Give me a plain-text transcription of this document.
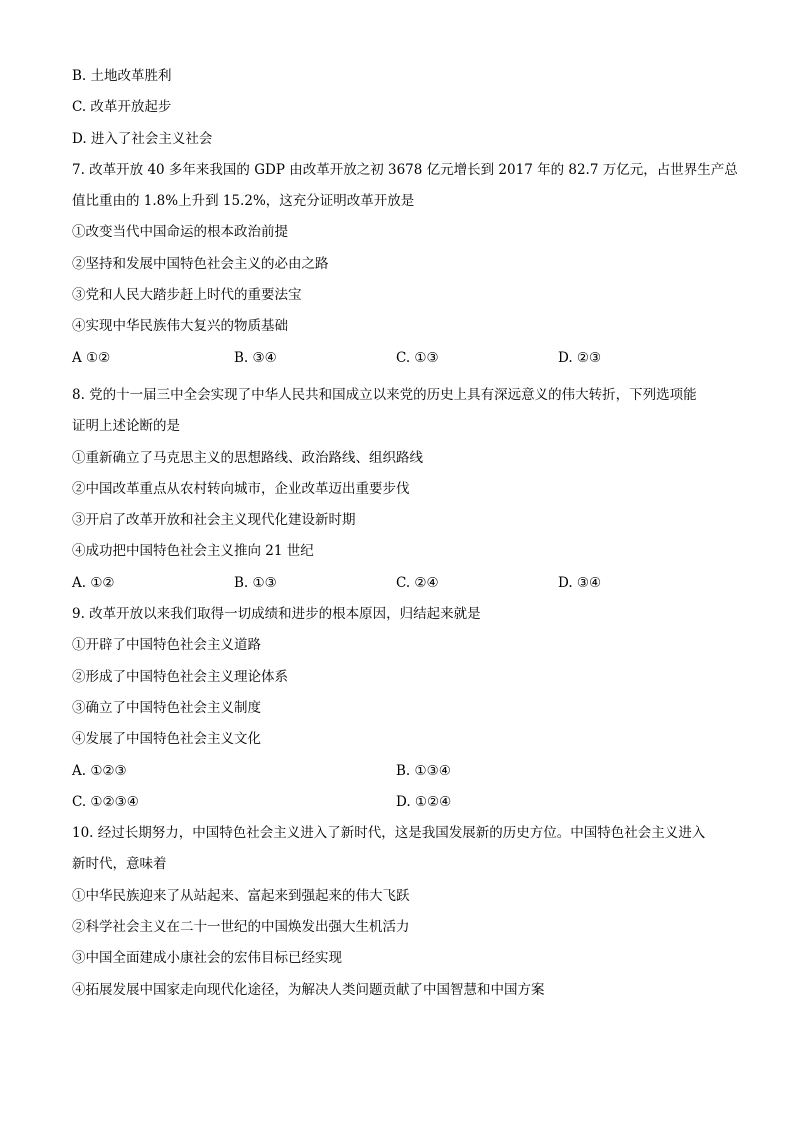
B. 土地改革胜利
C. 改革开放起步
D. 进入了社会主义社会
7. 改革开放 40 多年来我国的 GDP 由改革开放之初 3678 亿元增长到 2017 年的 82.7 万亿元，占世界生产总
值比重由的 1.8%上升到 15.2%，这充分证明改革开放是
①改变当代中国命运的根本政治前提
②坚持和发展中国特色社会主义的必由之路
③党和人民大踏步赶上时代的重要法宝
④实现中华民族伟大复兴的物质基础
A ①②	B. ③④	C. ①③	D. ②③
8. 党的十一届三中全会实现了中华人民共和国成立以来党的历史上具有深远意义的伟大转折，下列选项能
证明上述论断的是
①重新确立了马克思主义的思想路线、政治路线、组织路线
②中国改革重点从农村转向城市，企业改革迈出重要步伐
③开启了改革开放和社会主义现代化建设新时期
④成功把中国特色社会主义推向 21 世纪
A. ①②	B. ①③	C. ②④	D. ③④
9. 改革开放以来我们取得一切成绩和进步的根本原因，归结起来就是
①开辟了中国特色社会主义道路
②形成了中国特色社会主义理论体系
③确立了中国特色社会主义制度
④发展了中国特色社会主义文化
A. ①②③	B. ①③④
C. ①②③④	D. ①②④
10. 经过长期努力，中国特色社会主义进入了新时代，这是我国发展新的历史方位。中国特色社会主义进入
新时代，意味着
①中华民族迎来了从站起来、富起来到强起来的伟大飞跃
②科学社会主义在二十一世纪的中国焕发出强大生机活力
③中国全面建成小康社会的宏伟目标已经实现
④拓展发展中国家走向现代化途径，为解决人类问题贡献了中国智慧和中国方案
